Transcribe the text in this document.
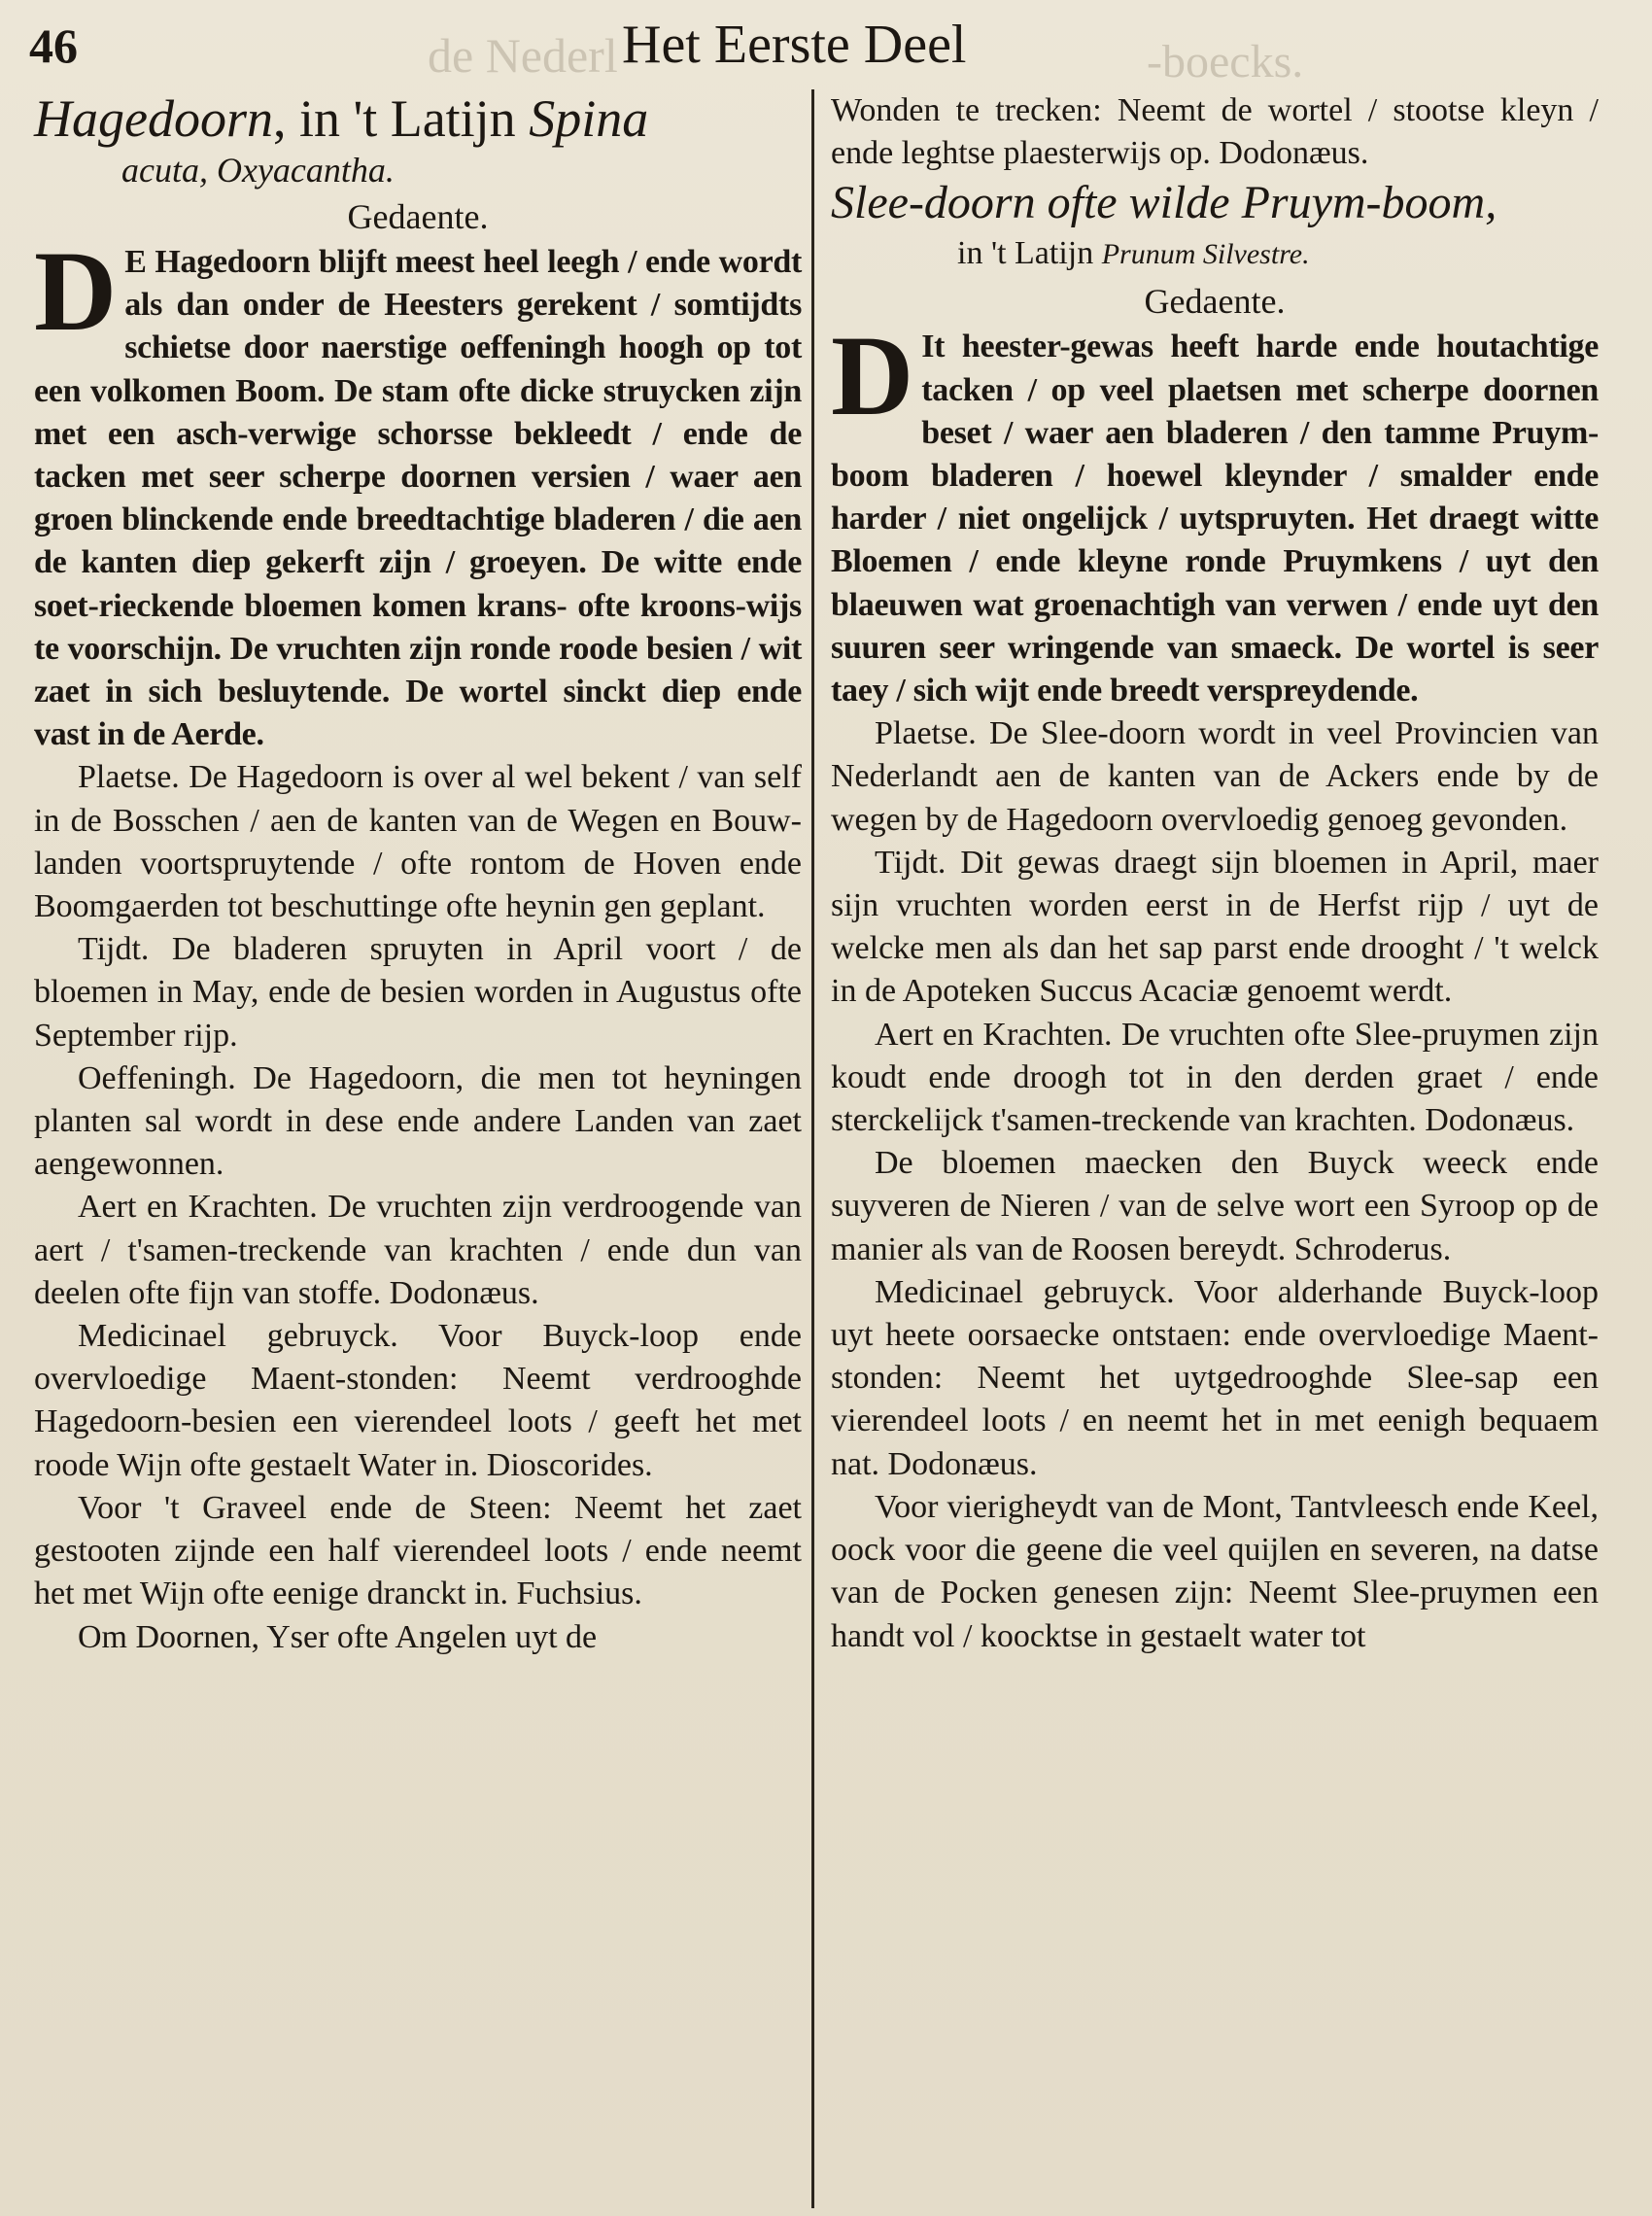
de Nederl	-boecks.
46	Het Eerste Deel

Hagedoorn, in 't Latijn Spina

acuta, Oxyacantha.

Gedaente.

D E Hagedoorn blijft meest heel leegh / ende wordt als dan onder de Heesters gerekent / somtijdts schietse door naerstige oeffeningh hoogh op tot een volkomen Boom. De stam ofte dicke struycken zijn met een asch-verwige schorsse bekleedt / ende de tacken met seer scherpe doornen versien / waer aen groen blinckende ende breedtachtige bladeren / die aen de kanten diep gekerft zijn / groeyen. De witte ende soet-rieckende bloemen komen krans- ofte kroons-wijs te voorschijn. De vruchten zijn ronde roode besien / wit zaet in sich besluytende. De wortel sinckt diep ende vast in de Aerde.

Plaetse. De Hagedoorn is over al wel bekent / van self in de Bosschen / aen de kanten van de Wegen en Bouw-landen voortspruytende / ofte rontom de Hoven ende Boomgaerden tot beschuttinge ofte heynin gen geplant.

Tijdt. De bladeren spruyten in April voort / de bloemen in May, ende de besien worden in Augustus ofte September rijp.

Oeffeningh. De Hagedoorn, die men tot heyningen planten sal wordt in dese ende andere Landen van zaet aengewonnen.

Aert en Krachten. De vruchten zijn verdroogende van aert / t'samen-treckende van krachten / ende dun van deelen ofte fijn van stoffe. Dodonæus.

Medicinael gebruyck. Voor Buyck-loop ende overvloedige Maent-stonden: Neemt verdrooghde Hagedoorn-besien een vierendeel loots / geeft het met roode Wijn ofte gestaelt Water in. Dioscorides.

Voor 't Graveel ende de Steen: Neemt het zaet gestooten zijnde een half vierendeel loots / ende neemt het met Wijn ofte eenige dranckt in. Fuchsius.

Om Doornen, Yser ofte Angelen uyt de

Wonden te trecken: Neemt de wortel / stootse kleyn / ende leghtse plaesterwijs op. Dodonæus.

Slee-doorn ofte wilde Pruym-boom,

in 't Latijn Prunum Silvestre.

Gedaente.

D It heester-gewas heeft harde ende houtachtige tacken / op veel plaetsen met scherpe doornen beset / waer aen bladeren / den tamme Pruym-boom bladeren / hoewel kleynder / smalder ende harder / niet ongelijck / uytspruyten. Het draegt witte Bloemen / ende kleyne ronde Pruymkens / uyt den blaeuwen wat groenachtigh van verwen / ende uyt den suuren seer wringende van smaeck. De wortel is seer taey / sich wijt ende breedt verspreydende.

Plaetse. De Slee-doorn wordt in veel Provincien van Nederlandt aen de kanten van de Ackers ende by de wegen by de Hagedoorn overvloedig genoeg gevonden.

Tijdt. Dit gewas draegt sijn bloemen in April, maer sijn vruchten worden eerst in de Herfst rijp / uyt de welcke men als dan het sap parst ende drooght / 't welck in de Apoteken Succus Acaciæ genoemt werdt.

Aert en Krachten. De vruchten ofte Slee-pruymen zijn koudt ende droogh tot in den derden graet / ende sterckelijck t'samen-treckende van krachten. Dodonæus.

De bloemen maecken den Buyck weeck ende suyveren de Nieren / van de selve wort een Syroop op de manier als van de Roosen bereydt. Schroderus.

Medicinael gebruyck. Voor alderhande Buyck-loop uyt heete oorsaecke ontstaen: ende overvloedige Maent-stonden: Neemt het uytgedrooghde Slee-sap een vierendeel loots / en neemt het in met eenigh bequaem nat. Dodonæus.

Voor vierigheydt van de Mont, Tantvleesch ende Keel, oock voor die geene die veel quijlen en severen, na datse van de Pocken genesen zijn: Neemt Slee-pruymen een handt vol / koocktse in gestaelt water tot
